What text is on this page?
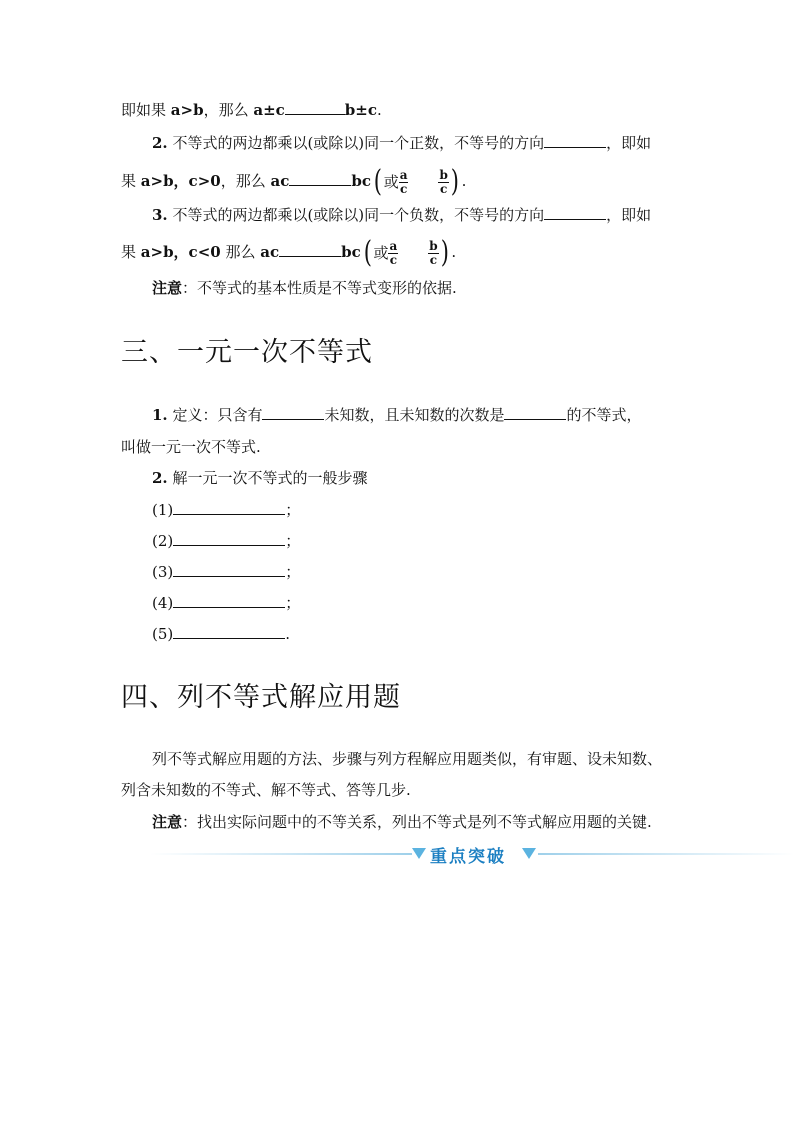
即如果 a>b，那么 a±c	b±c.
2. 不等式的两边都乘以(或除以)同一个正数，不等号的方向	，即如
果 a>b，c>0，那么 ac	bc ( 或 $\frac{a}{c}$	$\frac{b}{c}$ ) .
3. 不等式的两边都乘以(或除以)同一个负数，不等号的方向	，即如
果 a>b，c<0 那么 ac	bc ( 或 $\frac{a}{c}$	$\frac{b}{c}$ ) .
注意：不等式的基本性质是不等式变形的依据.
三、一元一次不等式
1. 定义：只含有	未知数，且未知数的次数是	的不等式，
叫做一元一次不等式.
2. 解一元一次不等式的一般步骤
(1)	；
(2)	；
(3)	；
(4)	；
(5)	.
四、列不等式解应用题
列不等式解应用题的方法、步骤与列方程解应用题类似，有审题、设未知数、
列含未知数的不等式、解不等式、答等几步.
注意：找出实际问题中的不等关系，列出不等式是列不等式解应用题的关键.
重点突破
